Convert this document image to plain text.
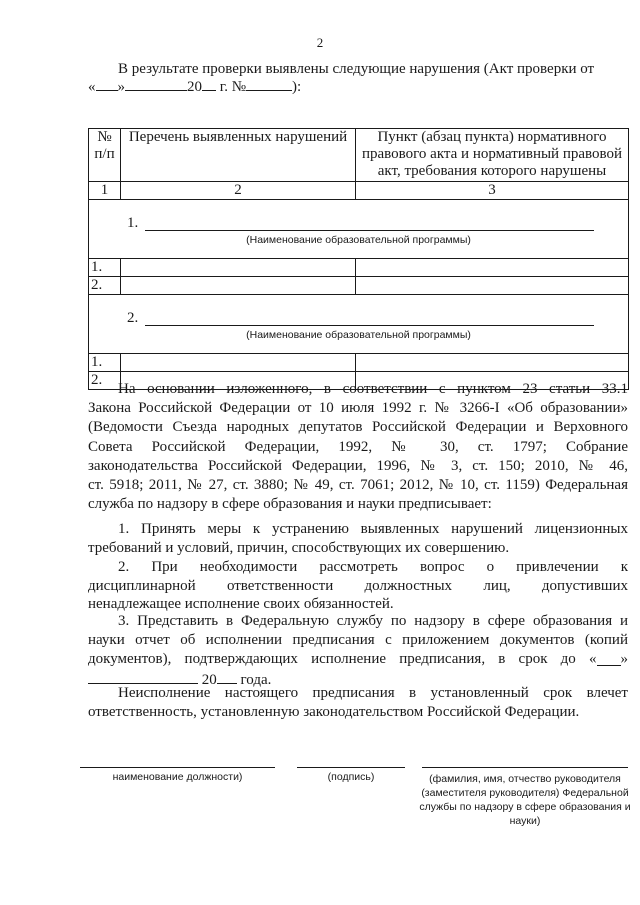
2
В результате проверки выявлены следующие нарушения (Акт проверки от
« »	20 г. №	):
№ п/п	Перечень выявленных нарушений	Пункт (абзац пункта) нормативного правового акта и нормативный правовой акт, требования которого нарушены
1	2	3

1.
(Наименование образовательной программы)		

1.		
2.		

2.
(Наименование образовательной программы)		

1.		
2.		
На основании изложенного, в соответствии с пунктом 23 статьи 33.1
Закона Российской Федерации от 10 июля 1992 г. № 3266-I «Об образовании»
(Ведомости Съезда народных депутатов Российской Федерации и Верховного
Совета Российской Федерации, 1992, № 30, ст. 1797; Собрание
законодательства Российской Федерации, 1996, № 3, ст. 150; 2010, № 46,
ст. 5918; 2011, № 27, ст. 3880; № 49, ст. 7061; 2012, № 10, ст. 1159) Федеральная
служба по надзору в сфере образования и науки предписывает:
1. Принять меры к устранению выявленных нарушений лицензионных
требований и условий, причин, способствующих их совершению.
2. При необходимости рассмотреть вопрос о привлечении к
дисциплинарной ответственности должностных лиц, допустивших
ненадлежащее исполнение своих обязанностей.
3. Представить в Федеральную службу по надзору в сфере образования и
науки отчет об исполнении предписания с приложением документов (копий
документов), подтверждающих исполнение предписания, в срок до « »
20 года.
Неисполнение настоящего предписания в установленный срок влечет
ответственность, установленную законодательством Российской Федерации.
наименование должности)	(подпись)	(фамилия, имя, отчество руководителя (заместителя руководителя) Федеральной службы по надзору в сфере образования и науки)
